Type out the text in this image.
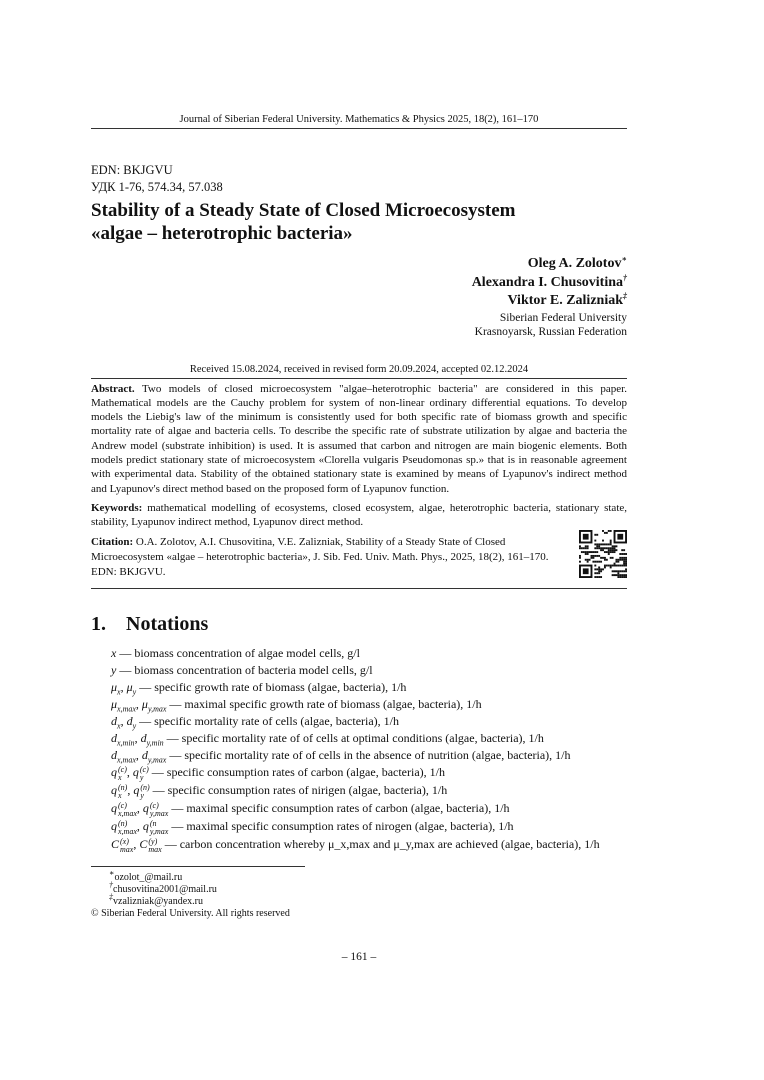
Journal of Siberian Federal University. Mathematics & Physics 2025, 18(2), 161–170
EDN: BKJGVU
УДК 1-76, 574.34, 57.038
Stability of a Steady State of Closed Microecosystem
«algae – heterotrophic bacteria»
Oleg A. Zolotov∗
Alexandra I. Chusovitina†
Viktor E. Zalizniak‡
Siberian Federal University
Krasnoyarsk, Russian Federation
Received 15.08.2024, received in revised form 20.09.2024, accepted 02.12.2024
Abstract. Two models of closed microecosystem "algae–heterotrophic bacteria" are considered in this paper. Mathematical models are the Cauchy problem for system of non-linear ordinary differential equations. To develop models the Liebig's law of the minimum is consistently used for both specific rate of biomass growth and specific mortality rate of algae and bacteria cells. To describe the specific rate of substrate utilization by algae and bacteria the Andrew model (substrate inhibition) is used. It is assumed that carbon and nitrogen are main biogenic elements. Both models predict stationary state of microecosystem «Clorella vulgaris Pseudomonas sp.» that is in reasonable agreement with experimental data. Stability of the obtained stationary state is examined by means of Lyapunov's indirect method and Lyapunov's direct method based on the proposed form of Lyapunov function.
Keywords: mathematical modelling of ecosystems, closed ecosystem, algae, heterotrophic bacteria, stationary state, stability, Lyapunov indirect method, Lyapunov direct method.
Citation: O.A. Zolotov, A.I. Chusovitina, V.E. Zalizniak, Stability of a Steady State of Closed Microecosystem «algae – heterotrophic bacteria», J. Sib. Fed. Univ. Math. Phys., 2025, 18(2), 161–170. EDN: BKJGVU.
1. Notations
x — biomass concentration of algae model cells, g/l
y — biomass concentration of bacteria model cells, g/l
$\mu_x$, $\mu_y$ — specific growth rate of biomass (algae, bacteria), 1/h
$\mu_{x,max}$, $\mu_{y,max}$ — maximal specific growth rate of biomass (algae, bacteria), 1/h
$d_x$, $d_y$ — specific mortality rate of cells (algae, bacteria), 1/h
$d_{x,min}$, $d_{y,min}$ — specific mortality rate of of cells at optimal conditions (algae, bacteria), 1/h
$d_{x,max}$, $d_{y,max}$ — specific mortality rate of of cells in the absence of nutrition (algae, bacteria), 1/h
q (c)
x , q (c)
y — specific consumption rates of carbon (algae, bacteria), 1/h
q (n)
x , q (n)
y — specific consumption rates of nirigen (algae, bacteria), 1/h
q (c)
x,max , q (c)
y,max — maximal specific consumption rates of carbon (algae, bacteria), 1/h
q (n)
x,max , q (n
y,max — maximal specific consumption rates of nirogen (algae, bacteria), 1/h
C (x)
max , C (y)
max — carbon concentration whereby μ_x,max and μ_y,max are achieved (algae, bacteria), 1/h
∗ozolot_@mail.ru
†chusovitina2001@mail.ru
‡vzalizniak@yandex.ru
© Siberian Federal University. All rights reserved
– 161 –
